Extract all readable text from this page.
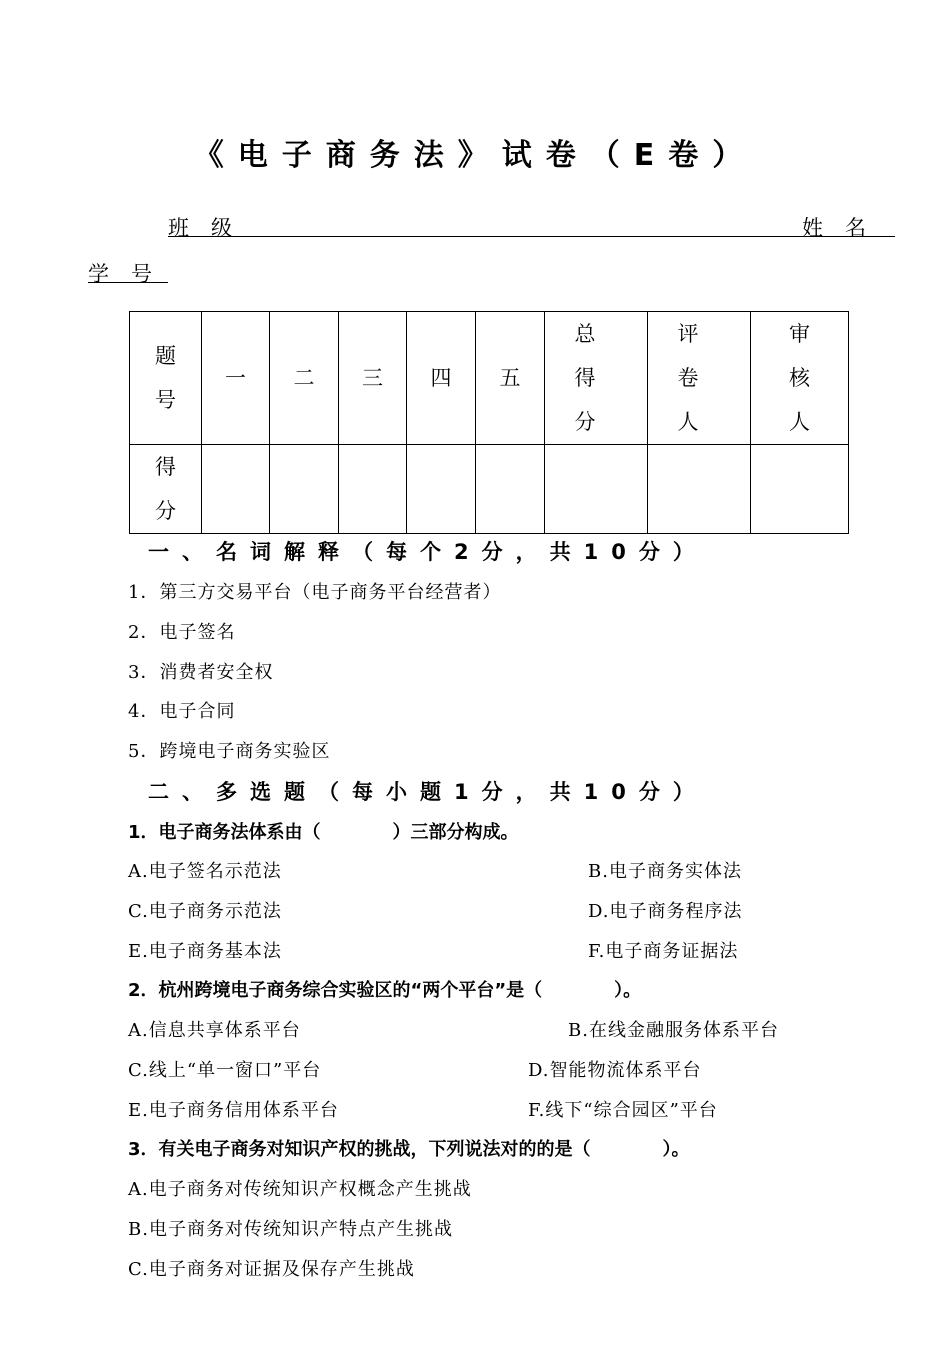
《电子商务法》试卷（E卷）
班级	姓名
学号
题号	一	二	三	四	五	总得分	评卷人	审核人

得分								

一、名词解释（每个2分，共10分）
1．第三方交易平台（电子商务平台经营者）
2．电子签名
3．消费者安全权
4．电子合同
5．跨境电子商务实验区
二、多选题（每小题1分，共10分）
1．电子商务法体系由（　　　　）三部分构成。
A.电子签名示范法	B.电子商务实体法
C.电子商务示范法	D.电子商务程序法
E.电子商务基本法	F.电子商务证据法
2．杭州跨境电子商务综合实验区的“两个平台”是（　　　　）。
A.信息共享体系平台	B.在线金融服务体系平台
C.线上“单一窗口”平台	D.智能物流体系平台
E.电子商务信用体系平台	F.线下“综合园区”平台
3．有关电子商务对知识产权的挑战，下列说法对的的是（　　　　）。
A.电子商务对传统知识产权概念产生挑战
B.电子商务对传统知识产特点产生挑战
C.电子商务对证据及保存产生挑战
